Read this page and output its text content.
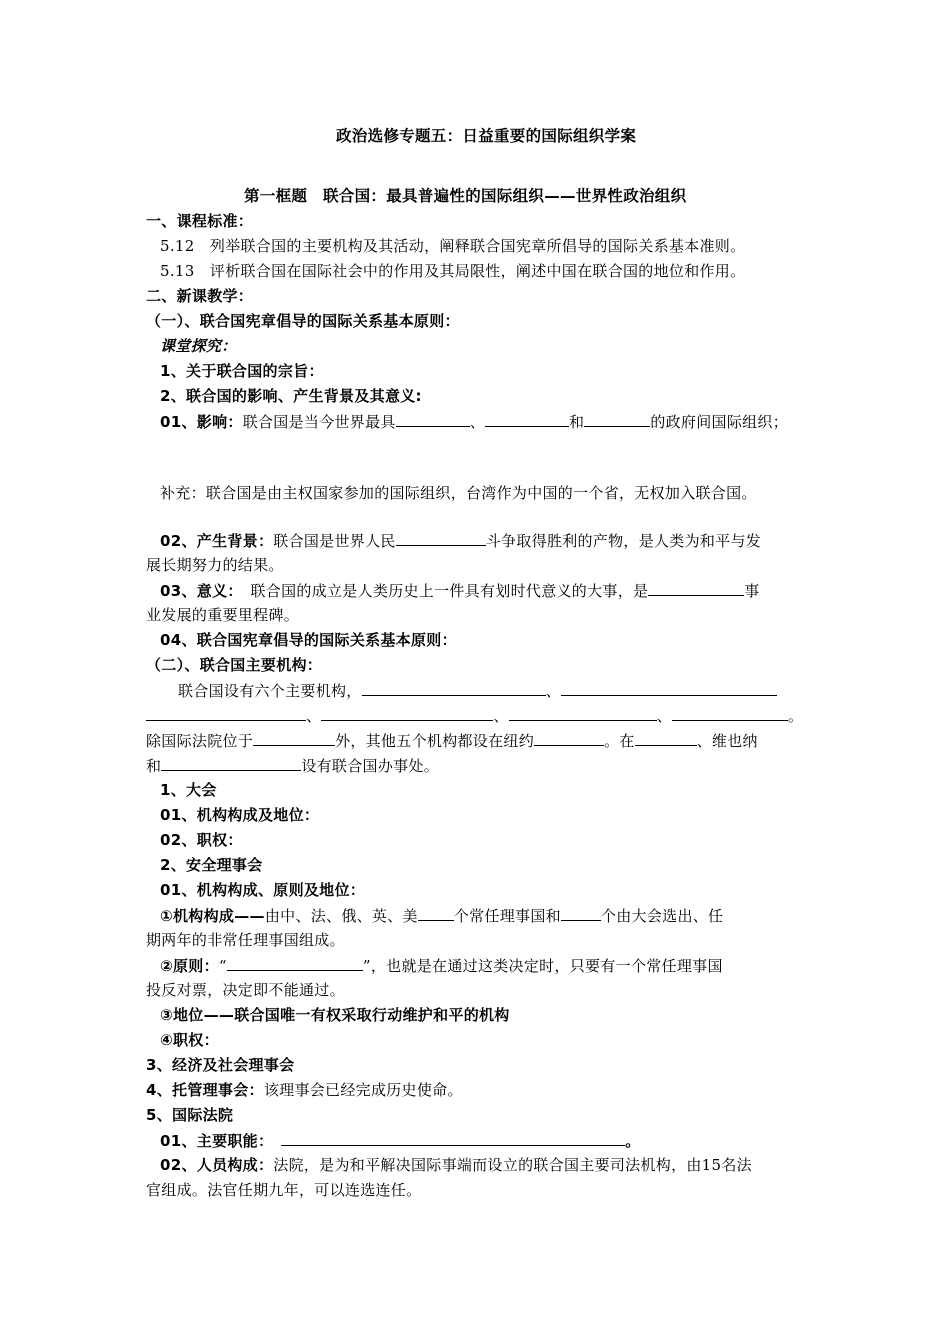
政治选修专题五：日益重要的国际组织学案
第一框题　联合国：最具普遍性的国际组织——世界性政治组织
一、课程标准：
5.12　列举联合国的主要机构及其活动，阐释联合国宪章所倡导的国际关系基本准则。
5.13　评析联合国在国际社会中的作用及其局限性，阐述中国在联合国的地位和作用。
二、新课教学：
（一）、联合国宪章倡导的国际关系基本原则：
课堂探究：
1、关于联合国的宗旨：
2、联合国的影响、产生背景及其意义:
01、影响：联合国是当今世界最具	、	和	的政府间国际组织；
补充：联合国是由主权国家参加的国际组织，台湾作为中国的一个省，无权加入联合国。
02、产生背景：联合国是世界人民	斗争取得胜利的产物，是人类为和平与发
展长期努力的结果。
03、意义：　联合国的成立是人类历史上一件具有划时代意义的大事，是	事
业发展的重要里程碑。
04、联合国宪章倡导的国际关系基本原则：
（二）、联合国主要机构：
联合国设有六个主要机构，	、
、	、	、	。
除国际法院位于	外，其他五个机构都设在纽约	。在	、维也纳
和	设有联合国办事处。
1、大会
01、机构构成及地位：
02、职权：
2、安全理事会
01、机构构成、原则及地位：
①机构构成——由中、法、俄、英、美 个常任理事国和	个由大会选出、任
期两年的非常任理事国组成。
②原则：“	”，也就是在通过这类决定时，只要有一个常任理事国
投反对票，决定即不能通过。
③地位——联合国唯一有权采取行动维护和平的机构
④职权：
3、经济及社会理事会
4、托管理事会：该理事会已经完成历史使命。
5、国际法院
01、主要职能：	。
02、人员构成：法院，是为和平解决国际事端而设立的联合国主要司法机构，由15名法
官组成。法官任期九年，可以连选连任。
